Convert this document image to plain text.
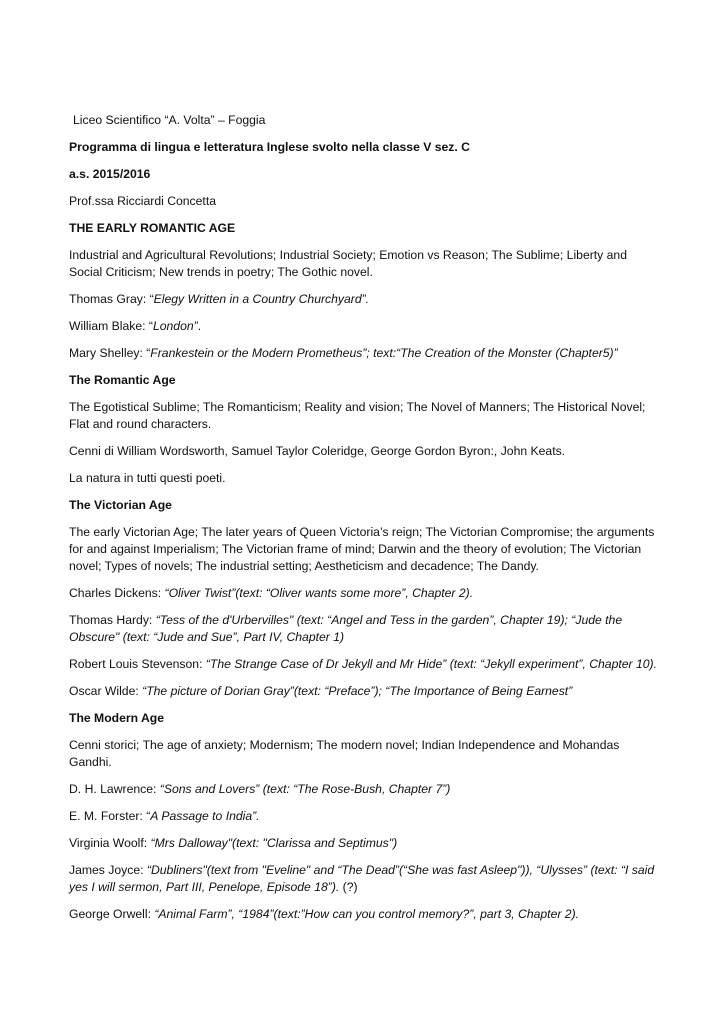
Liceo Scientifico “A. Volta” – Foggia

Programma di lingua e letteratura Inglese svolto nella classe V sez. C

a.s. 2015/2016

Prof.ssa Ricciardi Concetta

THE EARLY ROMANTIC AGE

Industrial and Agricultural Revolutions; Industrial Society; Emotion vs Reason; The Sublime; Liberty and Social Criticism; New trends in poetry; The Gothic novel.

Thomas Gray: “Elegy Written in a Country Churchyard”.

William Blake: “London”.

Mary Shelley: “Frankestein or the Modern Prometheus”; text:“The Creation of the Monster (Chapter5)”

The Romantic Age

The Egotistical Sublime; The Romanticism; Reality and vision; The Novel of Manners; The Historical Novel; Flat and round characters.

Cenni di William Wordsworth, Samuel Taylor Coleridge, George Gordon Byron:, John Keats.

La natura in tutti questi poeti.

The Victorian Age

The early Victorian Age; The later years of Queen Victoria’s reign; The Victorian Compromise; the arguments for and against Imperialism; The Victorian frame of mind; Darwin and the theory of evolution; The Victorian novel; Types of novels; The industrial setting; Aestheticism and decadence; The Dandy.

Charles Dickens: “Oliver Twist”(text: “Oliver wants some more”, Chapter 2).

Thomas Hardy: “Tess of the d'Urbervilles" (text: “Angel and Tess in the garden”, Chapter 19); “Jude the Obscure" (text: “Jude and Sue”, Part IV, Chapter 1)

Robert Louis Stevenson: “The Strange Case of Dr Jekyll and Mr Hide” (text: “Jekyll experiment”, Chapter 10).

Oscar Wilde: “The picture of Dorian Gray”(text: “Preface”); “The Importance of Being Earnest”

The Modern Age

Cenni storici; The age of anxiety; Modernism; The modern novel; Indian Independence and Mohandas Gandhi.

D. H. Lawrence: “Sons and Lovers” (text: “The Rose-Bush, Chapter 7”)

E. M. Forster: “A Passage to India”.

Virginia Woolf: “Mrs Dalloway"(text: "Clarissa and Septimus")

James Joyce: “Dubliners"(text from "Eveline" and “The Dead”(“She was fast Asleep")), “Ulysses” (text: “I said yes I will sermon, Part III, Penelope, Episode 18”). (?)

George Orwell: “Animal Farm”, “1984”(text:”How can you control memory?”, part 3, Chapter 2).
